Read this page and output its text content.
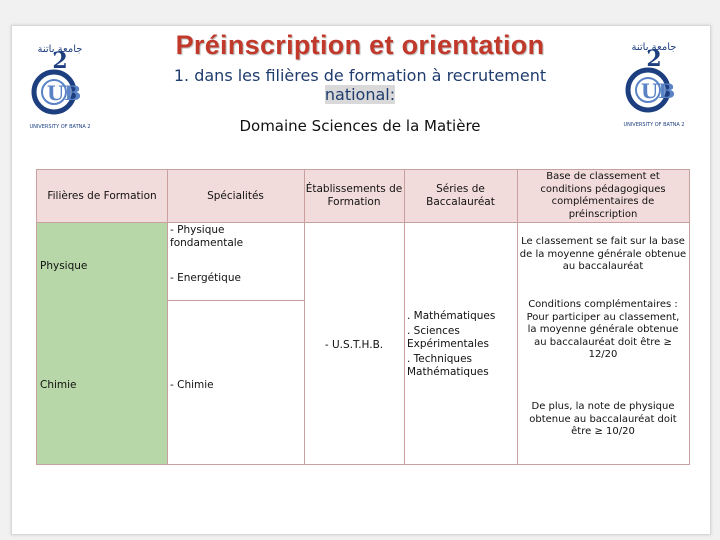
جامعة باتنة
2
UB
UNIVERSITY OF BATNA 2
جامعة باتنة
2
UB
UNIVERSITY OF BATNA 2
Préinscription et orientation
1. dans les filières de formation à recrutement
national:
Domaine Sciences de la Matière
Filières de Formation	Spécialités
Établissements de Formation
Séries de Baccalauréat
Base de classement et conditions pédagogiques complémentaires de préinscription
Physique
Chimie
- Physique fondamentale
- Energétique
- Chimie
- U.S.T.H.B.
. Mathématiques
. Sciences Expérimentales
. Techniques Mathématiques
Le classement se fait sur la base de la moyenne générale obtenue au baccalauréat
Conditions complémentaires : Pour participer au classement, la moyenne générale obtenue au baccalauréat doit être ≥ 12/20
De plus, la note de physique obtenue au baccalauréat doit être ≥ 10/20
